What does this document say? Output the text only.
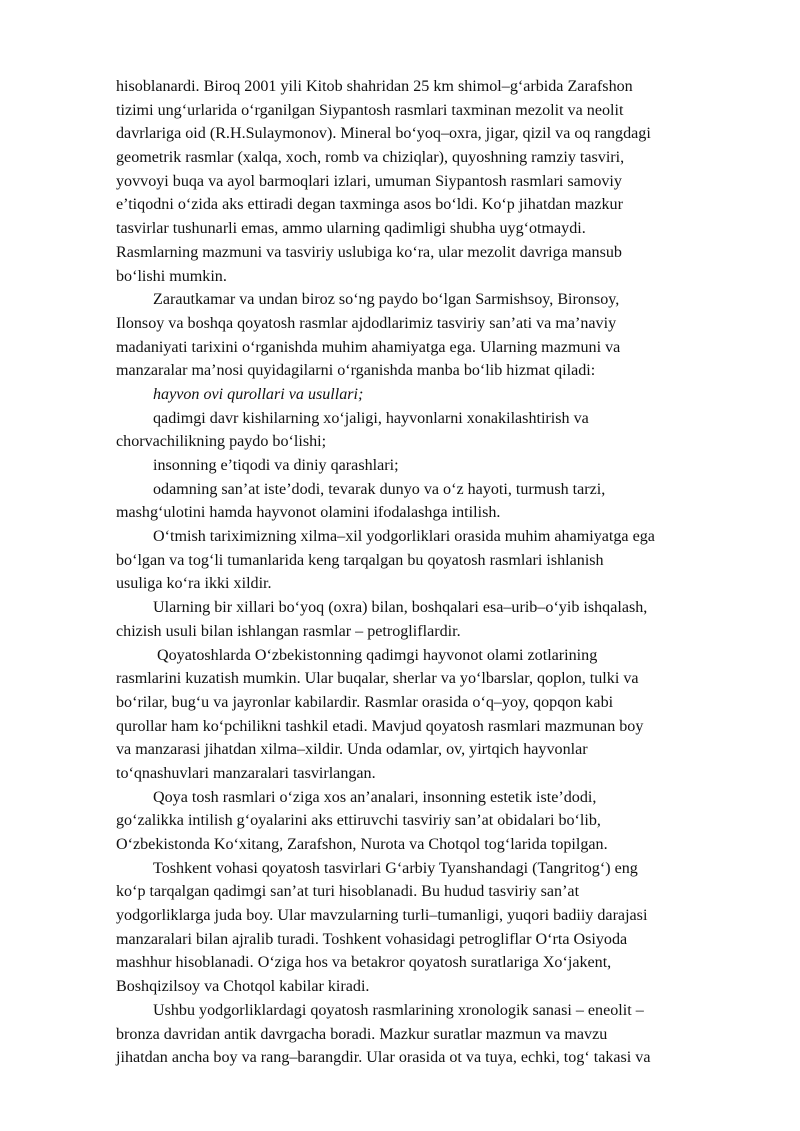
hisoblanardi. Biroq 2001 yili Kitob shahridan 25 km shimol–g‘arbida Zarafshon
tizimi ung‘urlarida o‘rganilgan Siypantosh rasmlari taxminan mezolit va neolit
davrlariga oid (R.H.Sulaymonov). Mineral bo‘yoq–oxra, jigar, qizil va oq rangdagi
geometrik rasmlar (xalqa, xoch, romb va chiziqlar), quyoshning ramziy tasviri,
yovvoyi buqa va ayol barmoqlari izlari, umuman Siypantosh rasmlari samoviy
e’tiqodni o‘zida aks ettiradi degan taxminga asos bo‘ldi. Ko‘p jihatdan mazkur
tasvirlar tushunarli emas, ammo ularning qadimligi shubha uyg‘otmaydi.
Rasmlarning mazmuni va tasviriy uslubiga ko‘ra, ular mezolit davriga mansub
bo‘lishi mumkin.
Zarautkamar va undan biroz so‘ng paydo bo‘lgan Sarmishsoy, Bironsoy,
Ilonsoy va boshqa qoyatosh rasmlar ajdodlarimiz tasviriy san’ati va ma’naviy
madaniyati tarixini o‘rganishda muhim ahamiyatga ega. Ularning mazmuni va
manzaralar ma’nosi quyidagilarni o‘rganishda manba bo‘lib hizmat qiladi:
hayvon ovi qurollari va usullari;
qadimgi davr kishilarning xo‘jaligi, hayvonlarni xonakilashtirish va
chorvachilikning paydo bo‘lishi;
insonning e’tiqodi va diniy qarashlari;
odamning san’at iste’dodi, tevarak dunyo va o‘z hayoti, turmush tarzi,
mashg‘ulotini hamda hayvonot olamini ifodalashga intilish.
O‘tmish tariximizning xilma–xil yodgorliklari orasida muhim ahamiyatga ega
bo‘lgan va tog‘li tumanlarida keng tarqalgan bu qoyatosh rasmlari ishlanish
usuliga ko‘ra ikki xildir.
Ularning bir xillari bo‘yoq (oxra) bilan, boshqalari esa–urib–o‘yib ishqalash,
chizish usuli bilan ishlangan rasmlar – petrogliflardir.
Qoyatoshlarda O‘zbekistonning qadimgi hayvonot olami zotlarining
rasmlarini kuzatish mumkin. Ular buqalar, sherlar va yo‘lbarslar, qoplon, tulki va
bo‘rilar, bug‘u va jayronlar kabilardir. Rasmlar orasida o‘q–yoy, qopqon kabi
qurollar ham ko‘pchilikni tashkil etadi. Mavjud qoyatosh rasmlari mazmunan boy
va manzarasi jihatdan xilma–xildir. Unda odamlar, ov, yirtqich hayvonlar
to‘qnashuvlari manzaralari tasvirlangan.
Qoya tosh rasmlari o‘ziga xos an’analari, insonning estetik iste’dodi,
go‘zalikka intilish g‘oyalarini aks ettiruvchi tasviriy san’at obidalari bo‘lib,
O‘zbekistonda Ko‘xitang, Zarafshon, Nurota va Chotqol tog‘larida topilgan.
Toshkent vohasi qoyatosh tasvirlari G‘arbiy Tyanshandagi (Tangritog‘) eng
ko‘p tarqalgan qadimgi san’at turi hisoblanadi. Bu hudud tasviriy san’at
yodgorliklarga juda boy. Ular mavzularning turli–tumanligi, yuqori badiiy darajasi
manzaralari bilan ajralib turadi. Toshkent vohasidagi petrogliflar O‘rta Osiyoda
mashhur hisoblanadi. O‘ziga hos va betakror qoyatosh suratlariga Xo‘jakent,
Boshqizilsoy va Chotqol kabilar kiradi.
Ushbu yodgorliklardagi qoyatosh rasmlarining xronologik sanasi – eneolit –
bronza davridan antik davrgacha boradi. Mazkur suratlar mazmun va mavzu
jihatdan ancha boy va rang–barangdir. Ular orasida ot va tuya, echki, tog‘ takasi va
